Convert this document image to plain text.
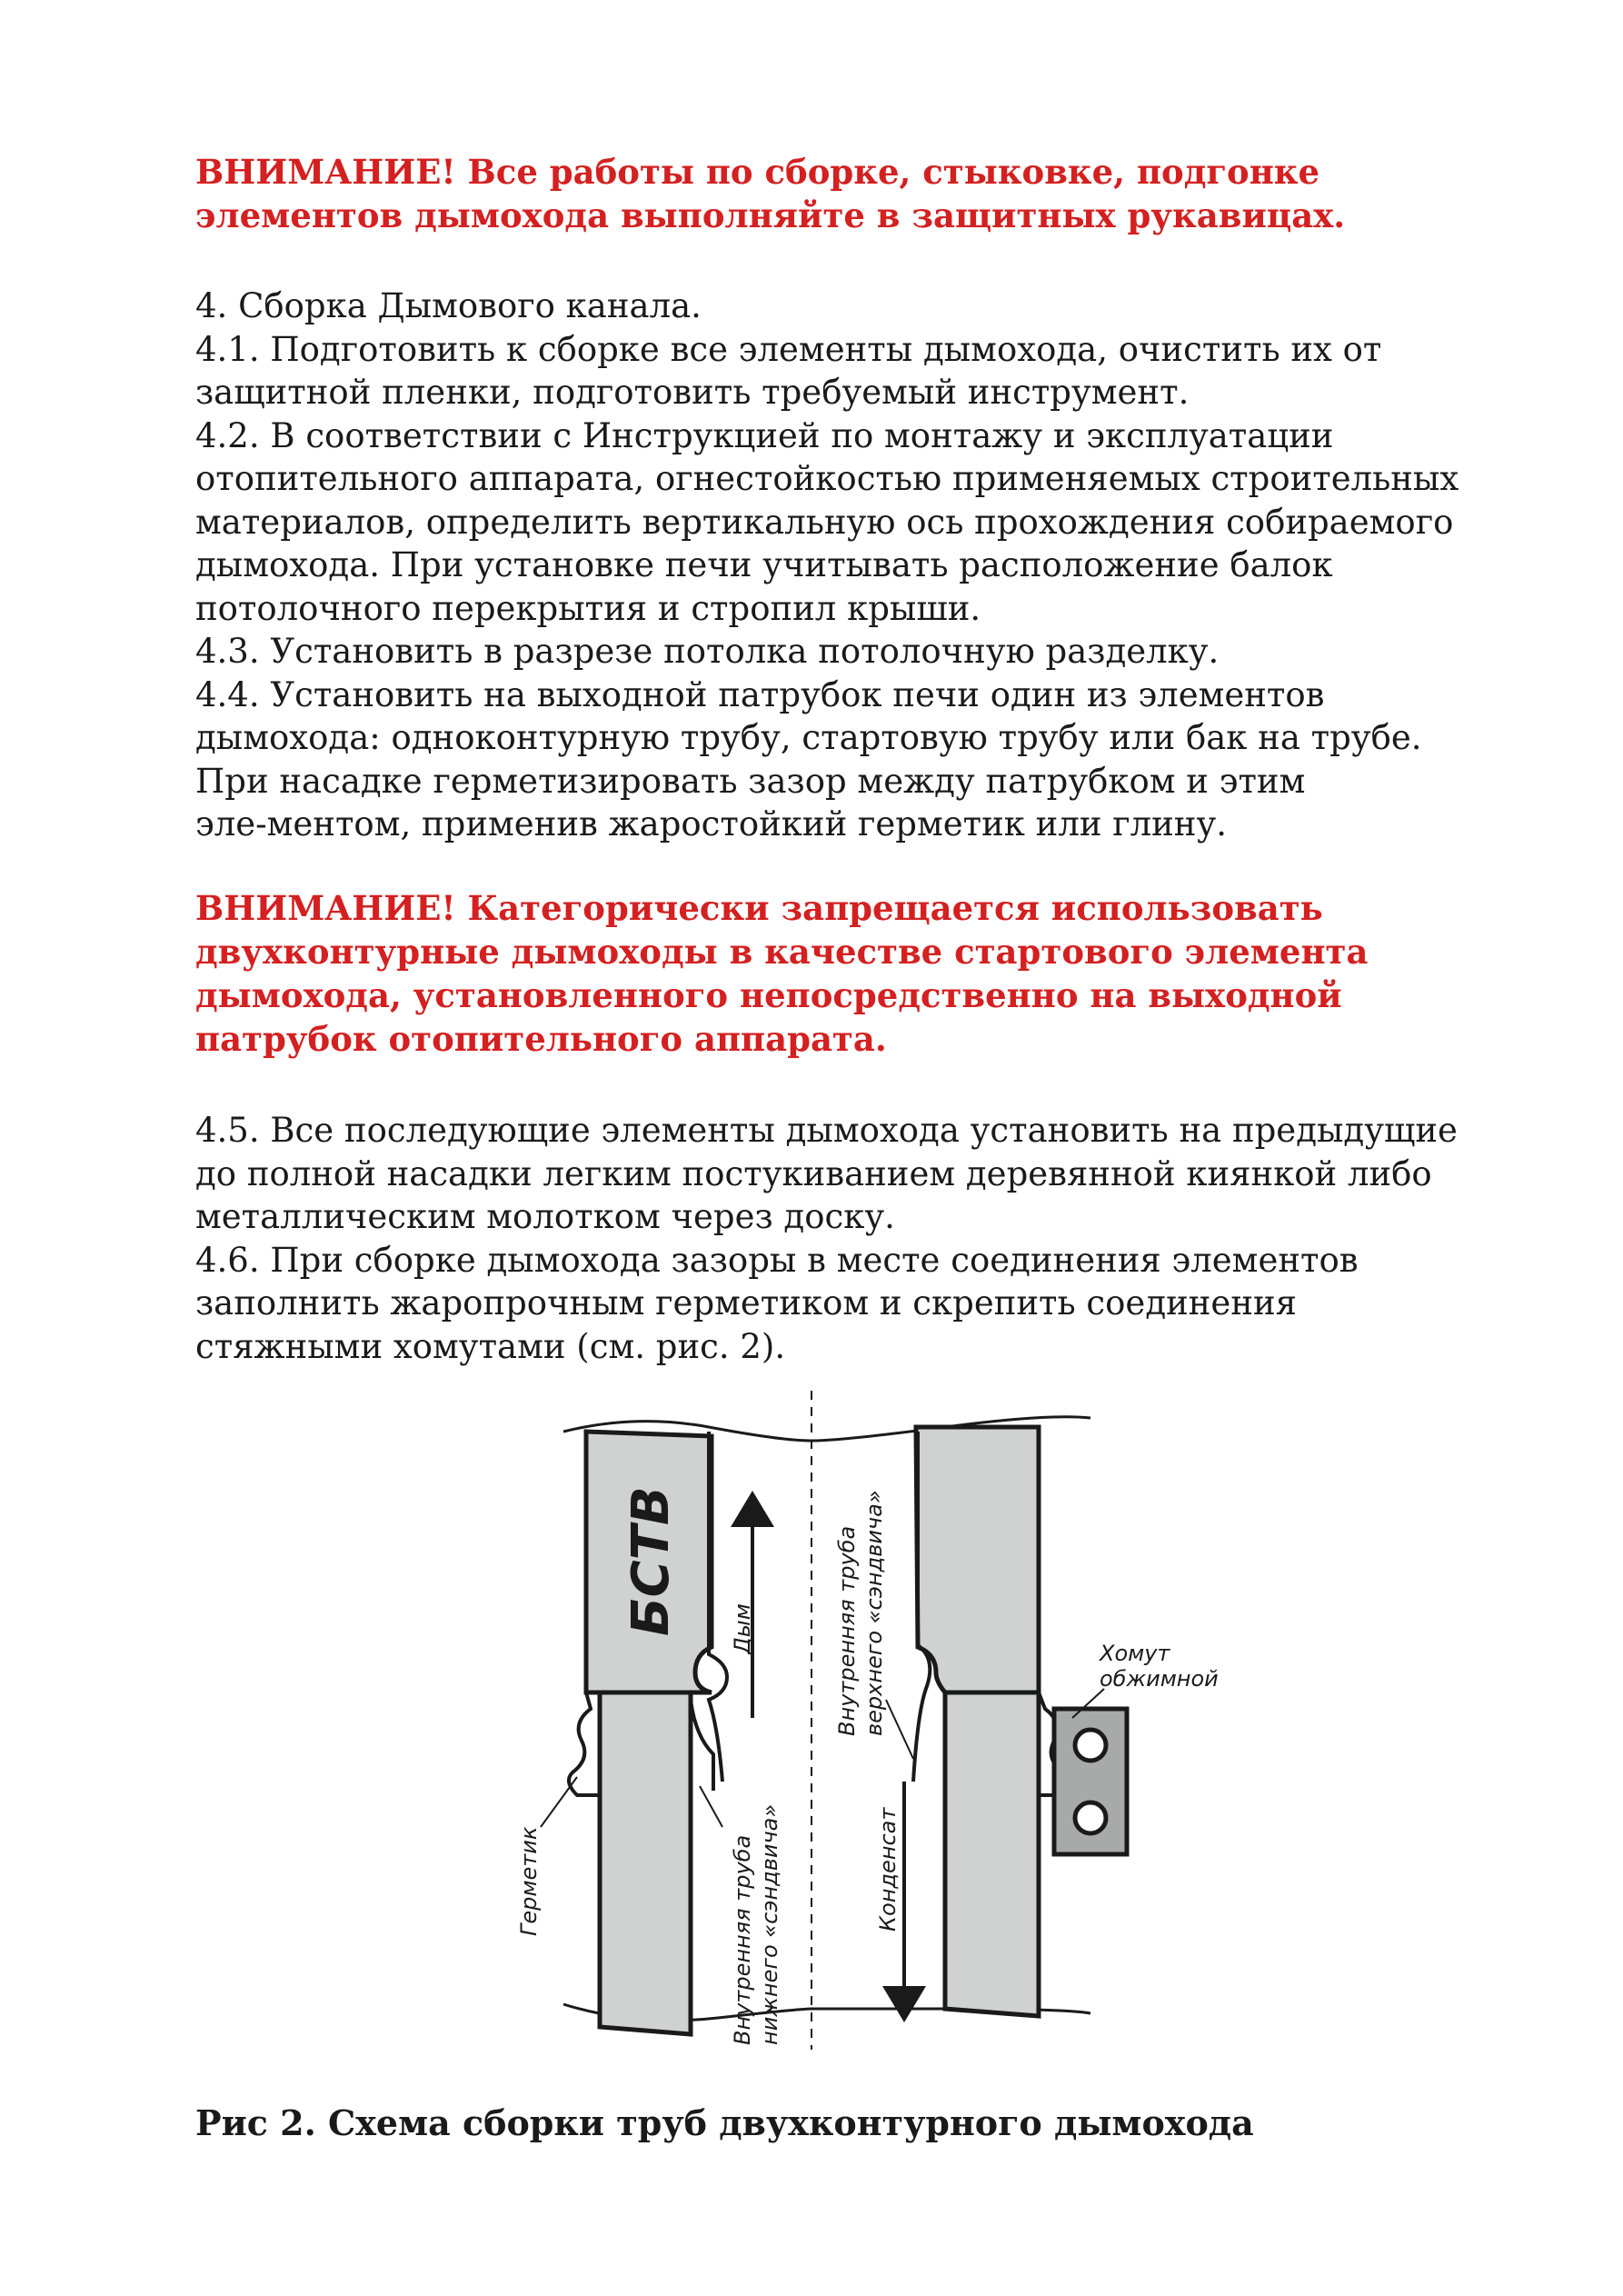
ВНИМАНИЕ! Все работы по сборке, стыковке, подгонке
элементов дымохода выполняйте в защитных рукавицах.

4. Сборка Дымового канала.

4.1. Подготовить к сборке все элементы дымохода, очистить их от

защитной пленки, подготовить требуемый инструмент.

4.2. В соответствии с Инструкцией по монтажу и эксплуатации

отопительного аппарата, огнестойкостью применяемых строительных

материалов, определить вертикальную ось прохождения собираемого

дымохода. При установке печи учитывать расположение балок

потолочного перекрытия и стропил крыши.

4.3. Установить в разрезе потолка потолочную разделку.

4.4. Установить на выходной патрубок печи один из элементов

дымохода: одноконтурную трубу, стартовую трубу или бак на трубе.

При насадке герметизировать зазор между патрубком и этим

эле-ментом, применив жаростойкий герметик или глину.

ВНИМАНИЕ! Категорически запрещается использовать
двухконтурные дымоходы в качестве стартового элемента
дымохода, установленного непосредственно на выходной
патрубок отопительного аппарата.

4.5. Все последующие элементы дымохода установить на предыдущие

до полной насадки легким постукиванием деревянной киянкой либо

металлическим молотком через доску.

4.6. При сборке дымохода зазоры в месте соединения элементов

заполнить жаропрочным герметиком и скрепить соединения

стяжными хомутами (см. рис. 2).

БСТВ Дым
Герметик	Внутренняя труба нижнего «сэндвича»
Внутренняя труба верхнего «сэндвича»
Конденсат
Хомут
обжимной
Рис 2. Схема сборки труб двухконтурного дымохода
